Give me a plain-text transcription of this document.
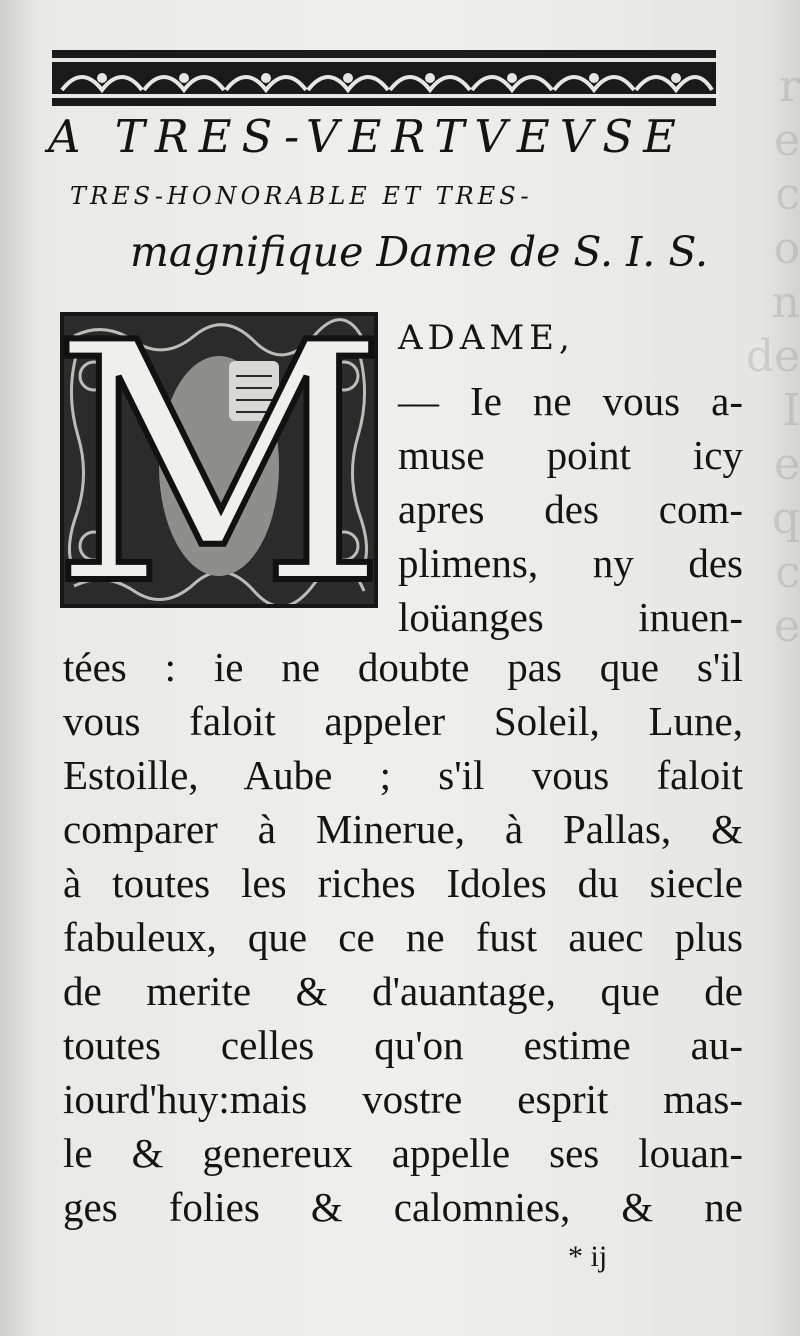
r
e
c
o
n
de
I
e
q
c
e
A TRES-VERTVEVSE
TRES-HONORABLE ET TRES-
magnifique Dame de S. I. S.
M ADAME,
— Ie ne vous a-
muse point icy
apres des com-
plimens, ny des
loüanges inuen-
tées : ie ne doubte pas que s'il
vous faloit appeler Soleil, Lune,
Estoille, Aube ; s'il vous faloit
comparer à Minerue, à Pallas, &
à toutes les riches Idoles du siecle
fabuleux, que ce ne fust auec plus
de merite & d'auantage, que de
toutes celles qu'on estime au-
iourd'huy:mais vostre esprit mas-
le & genereux appelle ses louan-
ges folies & calomnies, & ne
* ij
